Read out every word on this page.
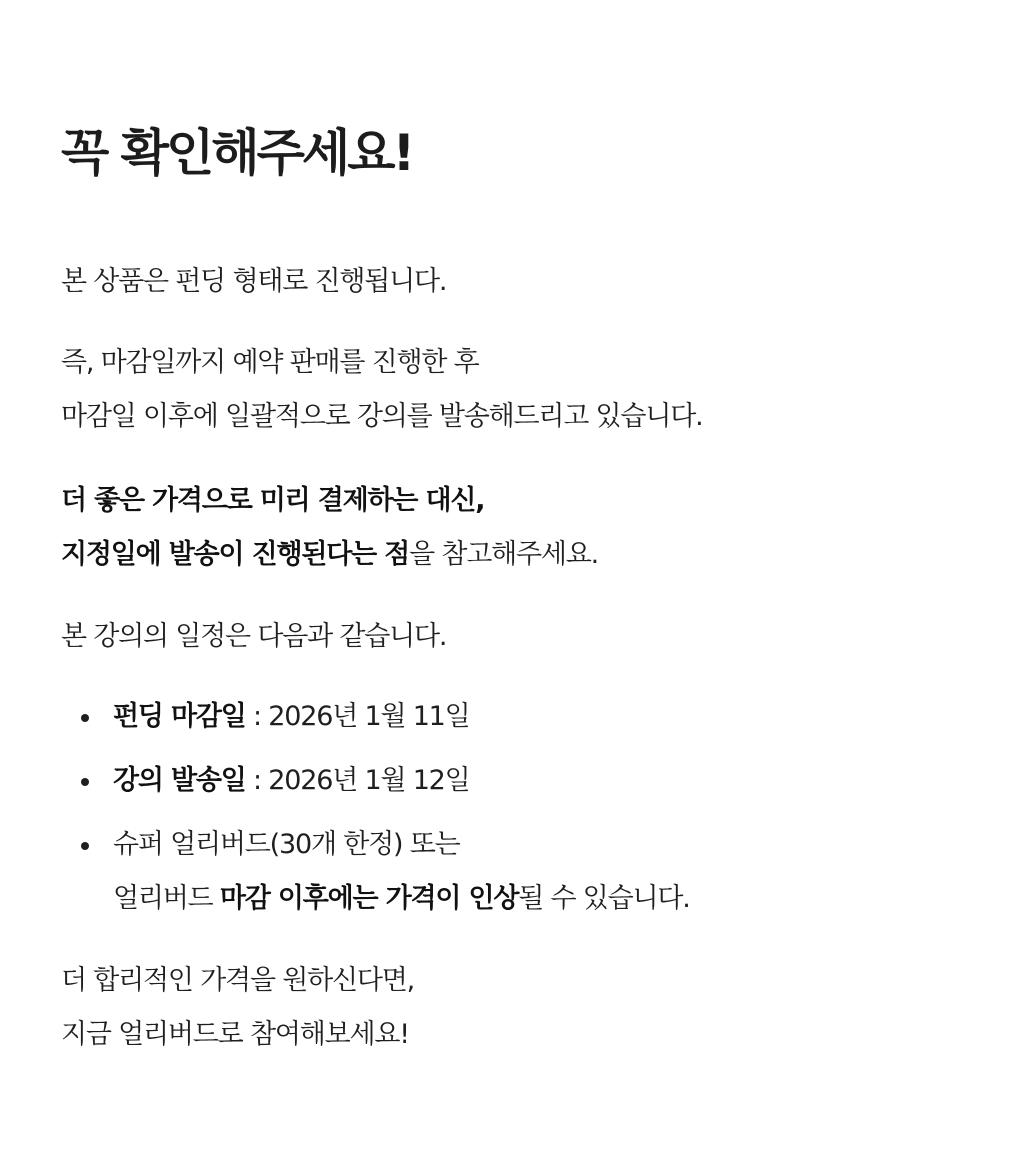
꼭 확인해주세요!

본 상품은 펀딩 형태로 진행됩니다.

즉, 마감일까지 예약 판매를 진행한 후
마감일 이후에 일괄적으로 강의를 발송해드리고 있습니다.

더 좋은 가격으로 미리 결제하는 대신,
지정일에 발송이 진행된다는 점을 참고해주세요.

본 강의의 일정은 다음과 같습니다.

펀딩 마감일 : 2026년 1월 11일
강의 발송일 : 2026년 1월 12일
슈퍼 얼리버드(30개 한정) 또는
얼리버드 마감 이후에는 가격이 인상될 수 있습니다.

더 합리적인 가격을 원하신다면,
지금 얼리버드로 참여해보세요!
